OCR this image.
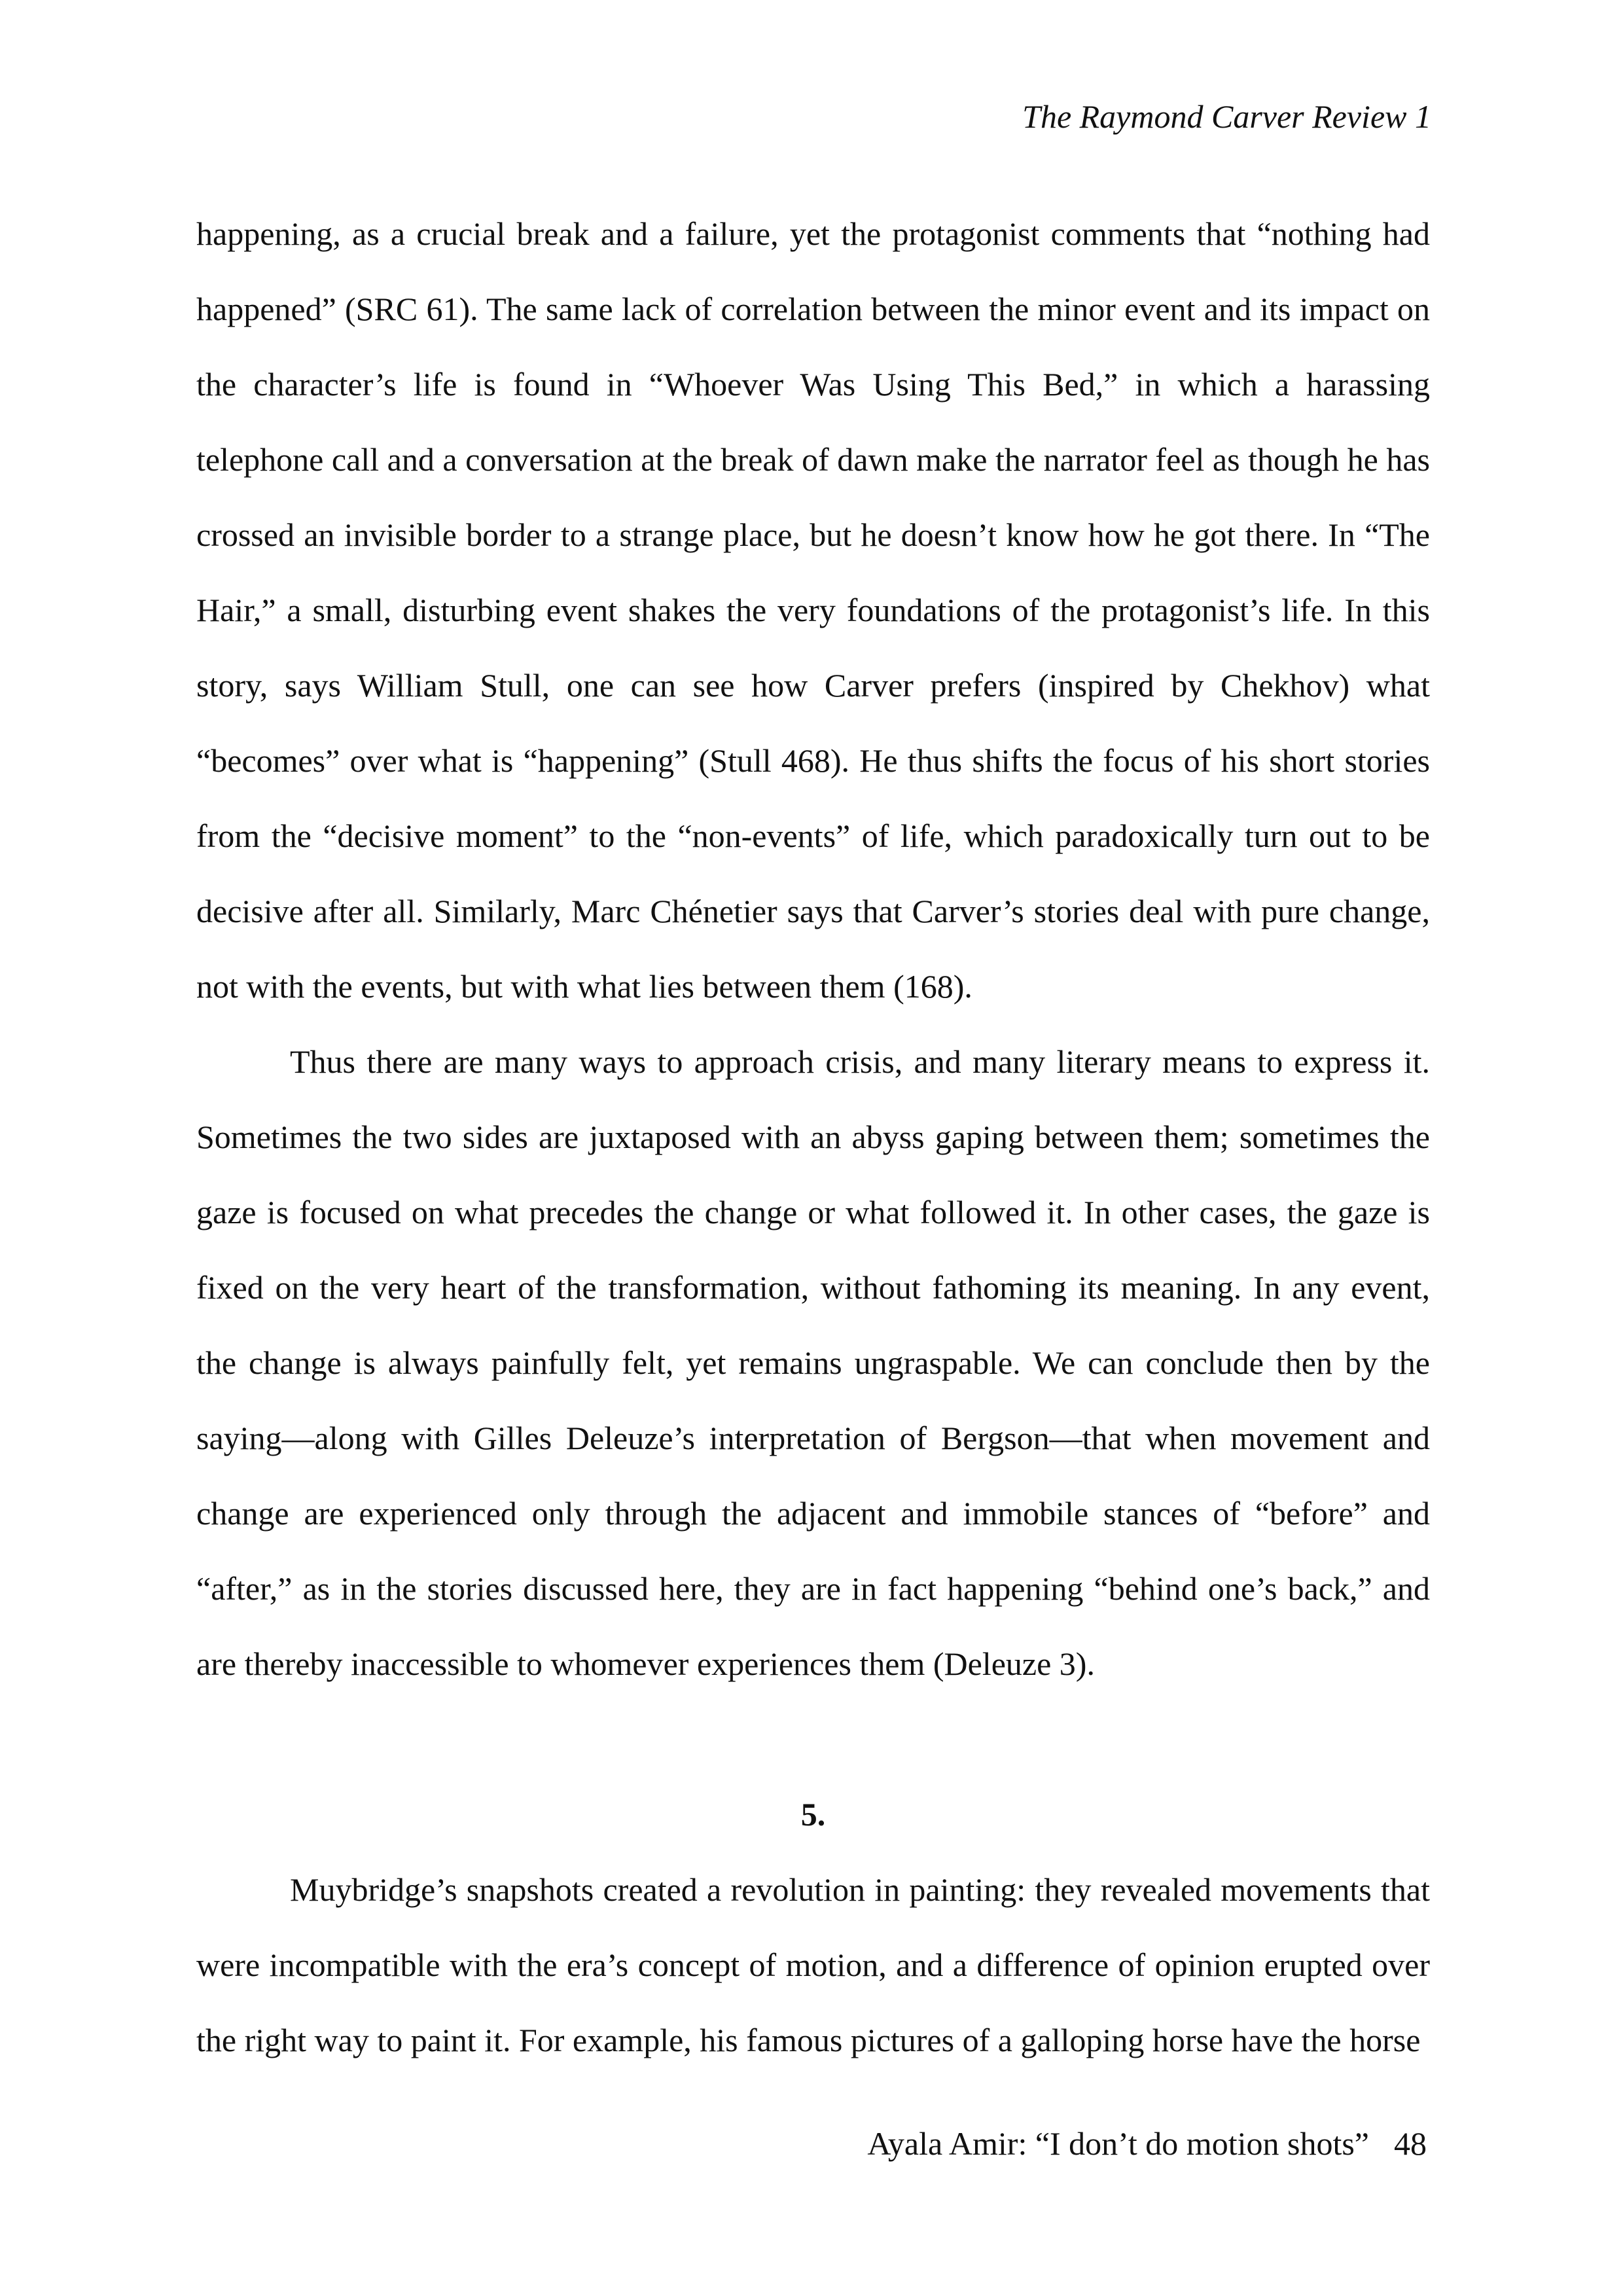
The Raymond Carver Review 1

happening, as a crucial break and a failure, yet the protagonist comments that “nothing had happened” (SRC 61). The same lack of correlation between the minor event and its impact on the character’s life is found in “Whoever Was Using This Bed,” in which a harassing telephone call and a conversation at the break of dawn make the narrator feel as though he has crossed an invisible border to a strange place, but he doesn’t know how he got there. In “The Hair,” a small, disturbing event shakes the very foundations of the protagonist’s life. In this story, says William Stull, one can see how Carver prefers (inspired by Chekhov) what “becomes” over what is “happening” (Stull 468). He thus shifts the focus of his short stories from the “decisive moment” to the “non-events” of life, which paradoxically turn out to be decisive after all. Similarly, Marc Chénetier says that Carver’s stories deal with pure change, not with the events, but with what lies between them (168).

Thus there are many ways to approach crisis, and many literary means to express it. Sometimes the two sides are juxtaposed with an abyss gaping between them; sometimes the gaze is focused on what precedes the change or what followed it. In other cases, the gaze is fixed on the very heart of the transformation, without fathoming its meaning. In any event, the change is always painfully felt, yet remains ungraspable. We can conclude then by the saying—along with Gilles Deleuze’s interpretation of Bergson—that when movement and change are experienced only through the adjacent and immobile stances of “before” and “after,” as in the stories discussed here, they are in fact happening “behind one’s back,” and are thereby inaccessible to whomever experiences them (Deleuze 3).

5.

Muybridge’s snapshots created a revolution in painting: they revealed movements that were incompatible with the era’s concept of motion, and a difference of opinion erupted over the right way to paint it. For example, his famous pictures of a galloping horse have the horse

Ayala Amir: “I don’t do motion shots” 48
